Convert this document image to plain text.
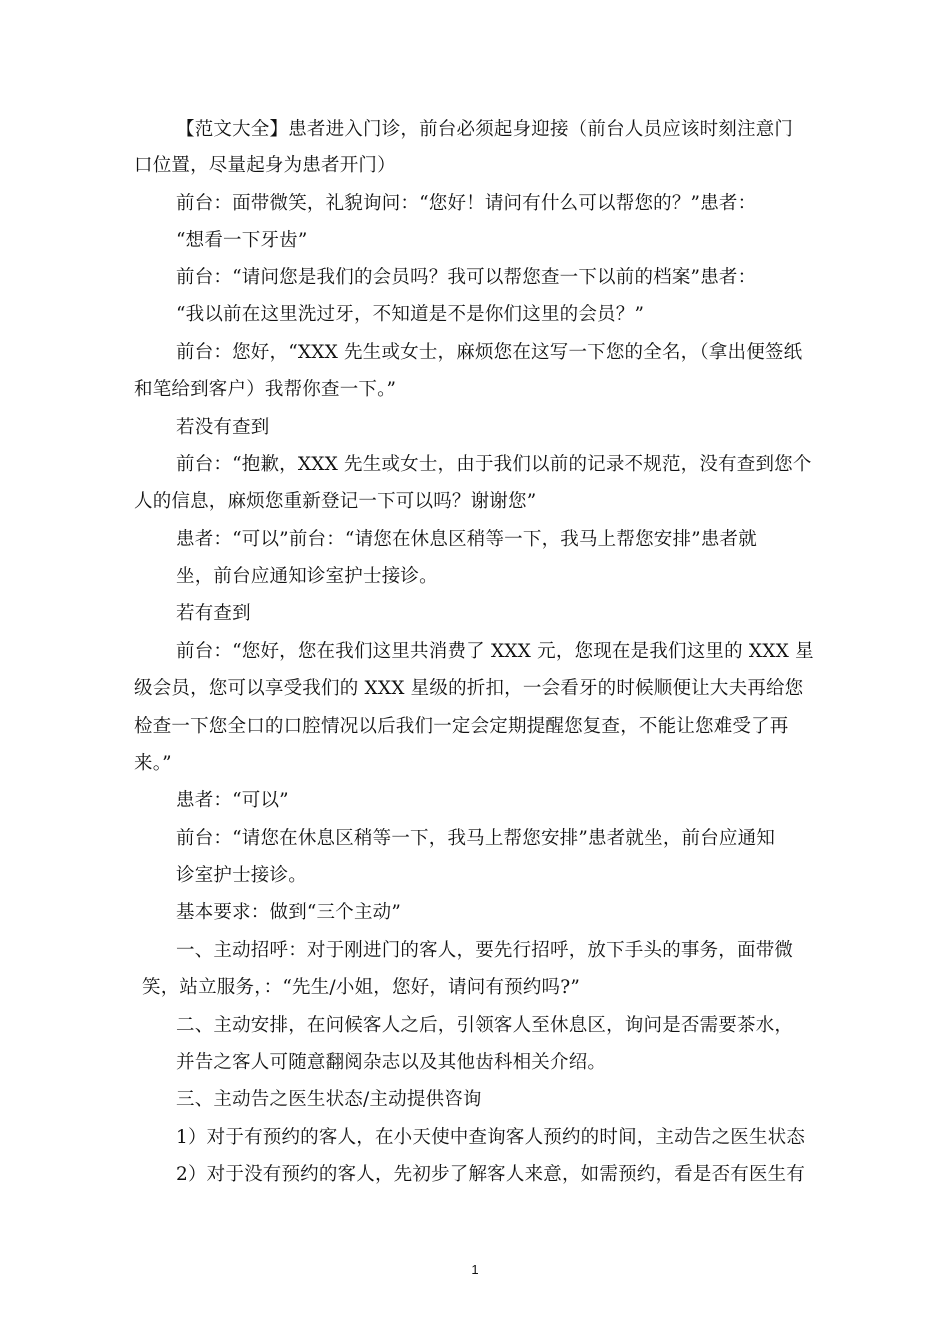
【范文大全】患者进入门诊，前台必须起身迎接（前台人员应该时刻注意门
口位置，尽量起身为患者开门）
前台：面带微笑，礼貌询问：“您好！请问有什么可以帮您的？”患者：
“想看一下牙齿”
前台：“请问您是我们的会员吗？我可以帮您查一下以前的档案”患者：
“我以前在这里洗过牙，不知道是不是你们这里的会员？”
前台：您好，“XXX 先生或女士，麻烦您在这写一下您的全名，（拿出便签纸
和笔给到客户）我帮你查一下。”
若没有查到
前台：“抱歉，XXX 先生或女士，由于我们以前的记录不规范，没有查到您个
人的信息，麻烦您重新登记一下可以吗？谢谢您”
患者：“可以”前台：“请您在休息区稍等一下，我马上帮您安排”患者就
坐，前台应通知诊室护士接诊。
若有查到
前台：“您好，您在我们这里共消费了 XXX 元，您现在是我们这里的 XXX 星
级会员，您可以享受我们的 XXX 星级的折扣，一会看牙的时候顺便让大夫再给您
检查一下您全口的口腔情况以后我们一定会定期提醒您复查，不能让您难受了再
来。”
患者：“可以”
前台：“请您在休息区稍等一下，我马上帮您安排”患者就坐，前台应通知
诊室护士接诊。
基本要求：做到“三个主动”
一、主动招呼：对于刚进门的客人，要先行招呼，放下手头的事务，面带微
笑，站立服务，：“先生/小姐，您好，请问有预约吗?”
二、主动安排，在问候客人之后，引领客人至休息区，询问是否需要茶水，
并告之客人可随意翻阅杂志以及其他齿科相关介绍。
三、主动告之医生状态/主动提供咨询
1）对于有预约的客人，在小天使中查询客人预约的时间，主动告之医生状态
2）对于没有预约的客人，先初步了解客人来意，如需预约，看是否有医生有
1
